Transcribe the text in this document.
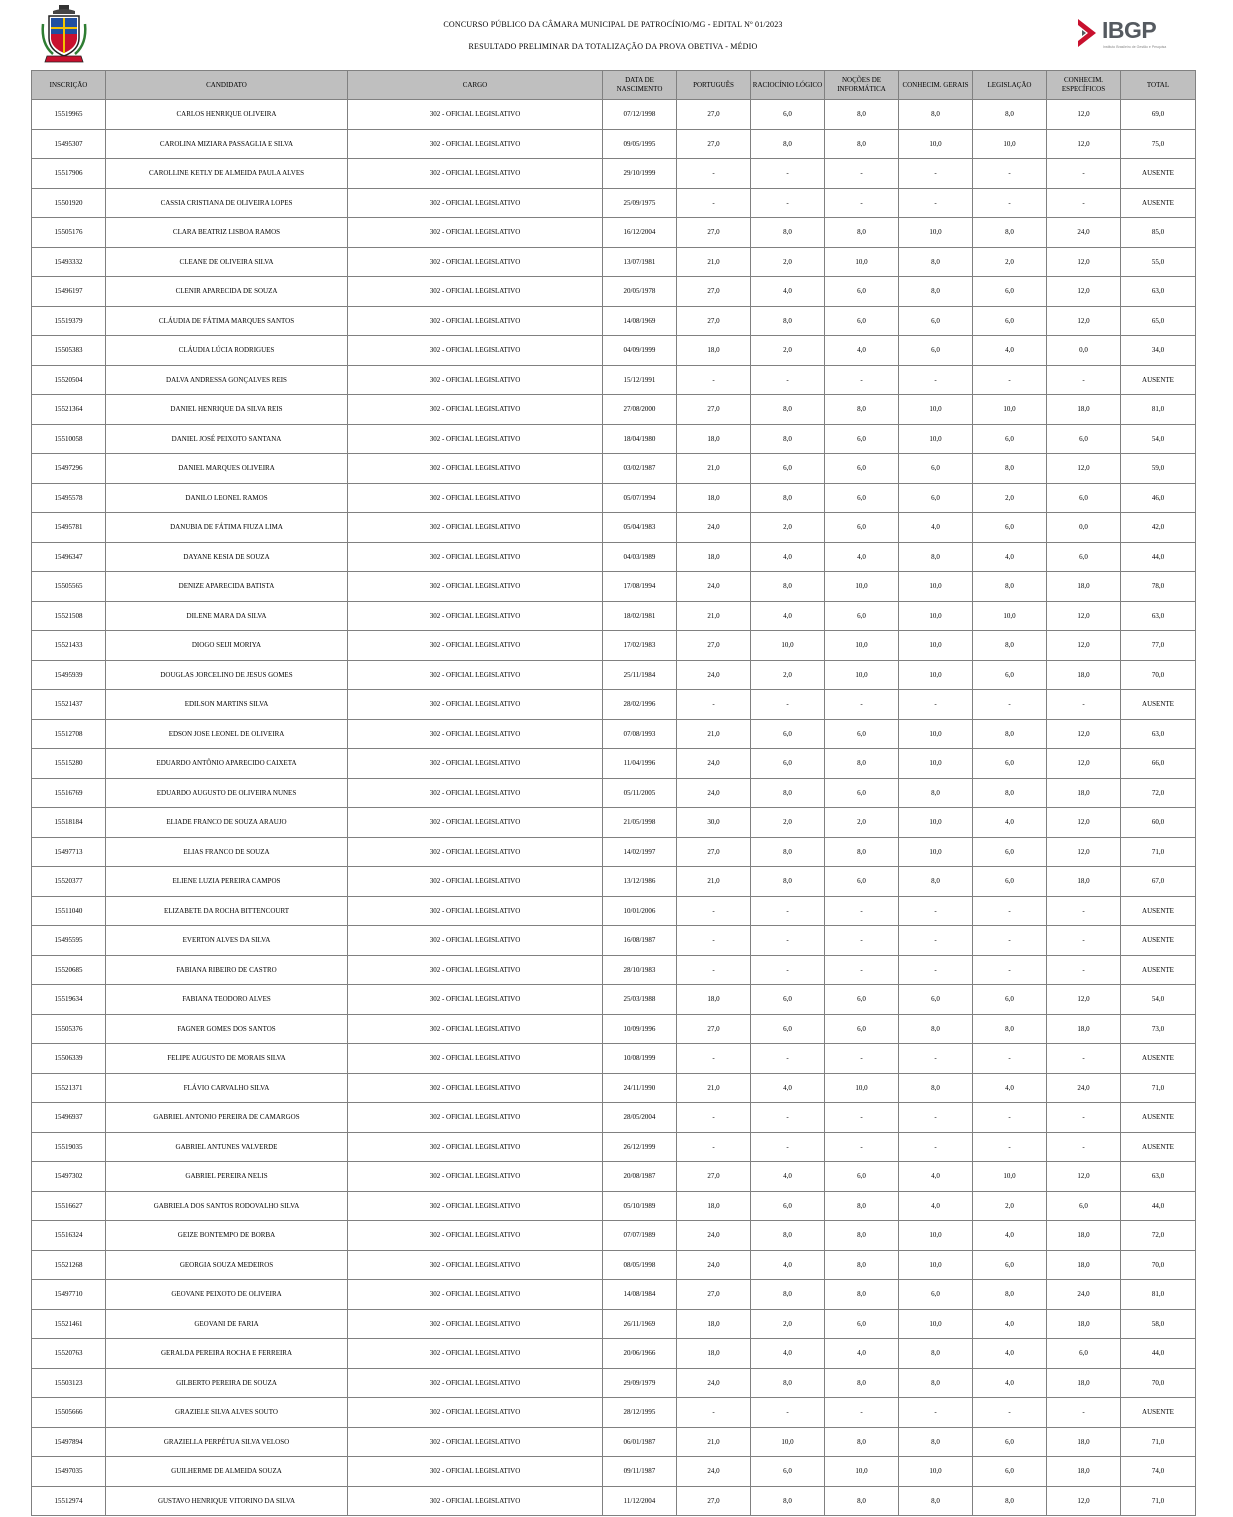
CONCURSO PÚBLICO DA CÂMARA MUNICIPAL DE PATROCÍNIO/MG - EDITAL Nº 01/2023
RESULTADO PRELIMINAR DA TOTALIZAÇÃO DA PROVA OBETIVA - MÉDIO
IBGP
Instituto Brasileiro de Gestão e Pesquisa
INSCRIÇÃO	CANDIDATO	CARGO	DATA DE NASCIMENTO	PORTUGUÊS	RACIOCÍNIO LÓGICO	NOÇÕES DE INFORMÁTICA	CONHECIM. GERAIS	LEGISLAÇÃO	CONHECIM. ESPECÍFICOS	TOTAL
15519965	CARLOS HENRIQUE OLIVEIRA	302 - OFICIAL LEGISLATIVO	07/12/1998	27,0	6,0	8,0	8,0	8,0	12,0	69,0
15495307	CAROLINA MIZIARA PASSAGLIA E SILVA	302 - OFICIAL LEGISLATIVO	09/05/1995	27,0	8,0	8,0	10,0	10,0	12,0	75,0
15517906	CAROLLINE KETLY DE ALMEIDA PAULA ALVES	302 - OFICIAL LEGISLATIVO	29/10/1999	-	-	-	-	-	-	AUSENTE
15501920	CASSIA CRISTIANA DE OLIVEIRA LOPES	302 - OFICIAL LEGISLATIVO	25/09/1975	-	-	-	-	-	-	AUSENTE
15505176	CLARA BEATRIZ LISBOA RAMOS	302 - OFICIAL LEGISLATIVO	16/12/2004	27,0	8,0	8,0	10,0	8,0	24,0	85,0
15493332	CLEANE DE OLIVEIRA SILVA	302 - OFICIAL LEGISLATIVO	13/07/1981	21,0	2,0	10,0	8,0	2,0	12,0	55,0
15496197	CLENIR APARECIDA DE SOUZA	302 - OFICIAL LEGISLATIVO	20/05/1978	27,0	4,0	6,0	8,0	6,0	12,0	63,0
15519379	CLÁUDIA DE FÁTIMA MARQUES SANTOS	302 - OFICIAL LEGISLATIVO	14/08/1969	27,0	8,0	6,0	6,0	6,0	12,0	65,0
15505383	CLÁUDIA LÚCIA RODRIGUES	302 - OFICIAL LEGISLATIVO	04/09/1999	18,0	2,0	4,0	6,0	4,0	0,0	34,0
15520504	DALVA ANDRESSA GONÇALVES REIS	302 - OFICIAL LEGISLATIVO	15/12/1991	-	-	-	-	-	-	AUSENTE
15521364	DANIEL HENRIQUE DA SILVA REIS	302 - OFICIAL LEGISLATIVO	27/08/2000	27,0	8,0	8,0	10,0	10,0	18,0	81,0
15510058	DANIEL JOSÉ PEIXOTO SANTANA	302 - OFICIAL LEGISLATIVO	18/04/1980	18,0	8,0	6,0	10,0	6,0	6,0	54,0
15497296	DANIEL MARQUES OLIVEIRA	302 - OFICIAL LEGISLATIVO	03/02/1987	21,0	6,0	6,0	6,0	8,0	12,0	59,0
15495578	DANILO LEONEL RAMOS	302 - OFICIAL LEGISLATIVO	05/07/1994	18,0	8,0	6,0	6,0	2,0	6,0	46,0
15495781	DANUBIA DE FÁTIMA FIUZA LIMA	302 - OFICIAL LEGISLATIVO	05/04/1983	24,0	2,0	6,0	4,0	6,0	0,0	42,0
15496347	DAYANE KESIA DE SOUZA	302 - OFICIAL LEGISLATIVO	04/03/1989	18,0	4,0	4,0	8,0	4,0	6,0	44,0
15505565	DENIZE APARECIDA BATISTA	302 - OFICIAL LEGISLATIVO	17/08/1994	24,0	8,0	10,0	10,0	8,0	18,0	78,0
15521508	DILENE MARA DA SILVA	302 - OFICIAL LEGISLATIVO	18/02/1981	21,0	4,0	6,0	10,0	10,0	12,0	63,0
15521433	DIOGO SEIJI MORIYA	302 - OFICIAL LEGISLATIVO	17/02/1983	27,0	10,0	10,0	10,0	8,0	12,0	77,0
15495939	DOUGLAS JORCELINO DE JESUS GOMES	302 - OFICIAL LEGISLATIVO	25/11/1984	24,0	2,0	10,0	10,0	6,0	18,0	70,0
15521437	EDILSON MARTINS SILVA	302 - OFICIAL LEGISLATIVO	28/02/1996	-	-	-	-	-	-	AUSENTE
15512708	EDSON JOSE LEONEL DE OLIVEIRA	302 - OFICIAL LEGISLATIVO	07/08/1993	21,0	6,0	6,0	10,0	8,0	12,0	63,0
15515280	EDUARDO ANTÔNIO APARECIDO CAIXETA	302 - OFICIAL LEGISLATIVO	11/04/1996	24,0	6,0	8,0	10,0	6,0	12,0	66,0
15516769	EDUARDO AUGUSTO DE OLIVEIRA NUNES	302 - OFICIAL LEGISLATIVO	05/11/2005	24,0	8,0	6,0	8,0	8,0	18,0	72,0
15518184	ELIADE FRANCO DE SOUZA ARAUJO	302 - OFICIAL LEGISLATIVO	21/05/1998	30,0	2,0	2,0	10,0	4,0	12,0	60,0
15497713	ELIAS FRANCO DE SOUZA	302 - OFICIAL LEGISLATIVO	14/02/1997	27,0	8,0	8,0	10,0	6,0	12,0	71,0
15520377	ELIENE LUZIA PEREIRA CAMPOS	302 - OFICIAL LEGISLATIVO	13/12/1986	21,0	8,0	6,0	8,0	6,0	18,0	67,0
15511040	ELIZABETE DA ROCHA BITTENCOURT	302 - OFICIAL LEGISLATIVO	10/01/2006	-	-	-	-	-	-	AUSENTE
15495595	EVERTON ALVES DA SILVA	302 - OFICIAL LEGISLATIVO	16/08/1987	-	-	-	-	-	-	AUSENTE
15520685	FABIANA RIBEIRO DE CASTRO	302 - OFICIAL LEGISLATIVO	28/10/1983	-	-	-	-	-	-	AUSENTE
15519634	FABIANA TEODORO ALVES	302 - OFICIAL LEGISLATIVO	25/03/1988	18,0	6,0	6,0	6,0	6,0	12,0	54,0
15505376	FAGNER GOMES DOS SANTOS	302 - OFICIAL LEGISLATIVO	10/09/1996	27,0	6,0	6,0	8,0	8,0	18,0	73,0
15506339	FELIPE AUGUSTO DE MORAIS SILVA	302 - OFICIAL LEGISLATIVO	10/08/1999	-	-	-	-	-	-	AUSENTE
15521371	FLÁVIO CARVALHO SILVA	302 - OFICIAL LEGISLATIVO	24/11/1990	21,0	4,0	10,0	8,0	4,0	24,0	71,0
15496937	GABRIEL ANTONIO PEREIRA DE CAMARGOS	302 - OFICIAL LEGISLATIVO	28/05/2004	-	-	-	-	-	-	AUSENTE
15519035	GABRIEL ANTUNES VALVERDE	302 - OFICIAL LEGISLATIVO	26/12/1999	-	-	-	-	-	-	AUSENTE
15497302	GABRIEL PEREIRA NELIS	302 - OFICIAL LEGISLATIVO	20/08/1987	27,0	4,0	6,0	4,0	10,0	12,0	63,0
15516627	GABRIELA DOS SANTOS RODOVALHO SILVA	302 - OFICIAL LEGISLATIVO	05/10/1989	18,0	6,0	8,0	4,0	2,0	6,0	44,0
15516324	GEIZE BONTEMPO DE BORBA	302 - OFICIAL LEGISLATIVO	07/07/1989	24,0	8,0	8,0	10,0	4,0	18,0	72,0
15521268	GEORGIA SOUZA MEDEIROS	302 - OFICIAL LEGISLATIVO	08/05/1998	24,0	4,0	8,0	10,0	6,0	18,0	70,0
15497710	GEOVANE PEIXOTO DE OLIVEIRA	302 - OFICIAL LEGISLATIVO	14/08/1984	27,0	8,0	8,0	6,0	8,0	24,0	81,0
15521461	GEOVANI DE FARIA	302 - OFICIAL LEGISLATIVO	26/11/1969	18,0	2,0	6,0	10,0	4,0	18,0	58,0
15520763	GERALDA PEREIRA ROCHA E FERREIRA	302 - OFICIAL LEGISLATIVO	20/06/1966	18,0	4,0	4,0	8,0	4,0	6,0	44,0
15503123	GILBERTO PEREIRA DE SOUZA	302 - OFICIAL LEGISLATIVO	29/09/1979	24,0	8,0	8,0	8,0	4,0	18,0	70,0
15505666	GRAZIELE SILVA ALVES SOUTO	302 - OFICIAL LEGISLATIVO	28/12/1995	-	-	-	-	-	-	AUSENTE
15497894	GRAZIELLA PERPÉTUA SILVA VELOSO	302 - OFICIAL LEGISLATIVO	06/01/1987	21,0	10,0	8,0	8,0	6,0	18,0	71,0
15497035	GUILHERME DE ALMEIDA SOUZA	302 - OFICIAL LEGISLATIVO	09/11/1987	24,0	6,0	10,0	10,0	6,0	18,0	74,0
15512974	GUSTAVO HENRIQUE VITORINO DA SILVA	302 - OFICIAL LEGISLATIVO	11/12/2004	27,0	8,0	8,0	8,0	8,0	12,0	71,0
